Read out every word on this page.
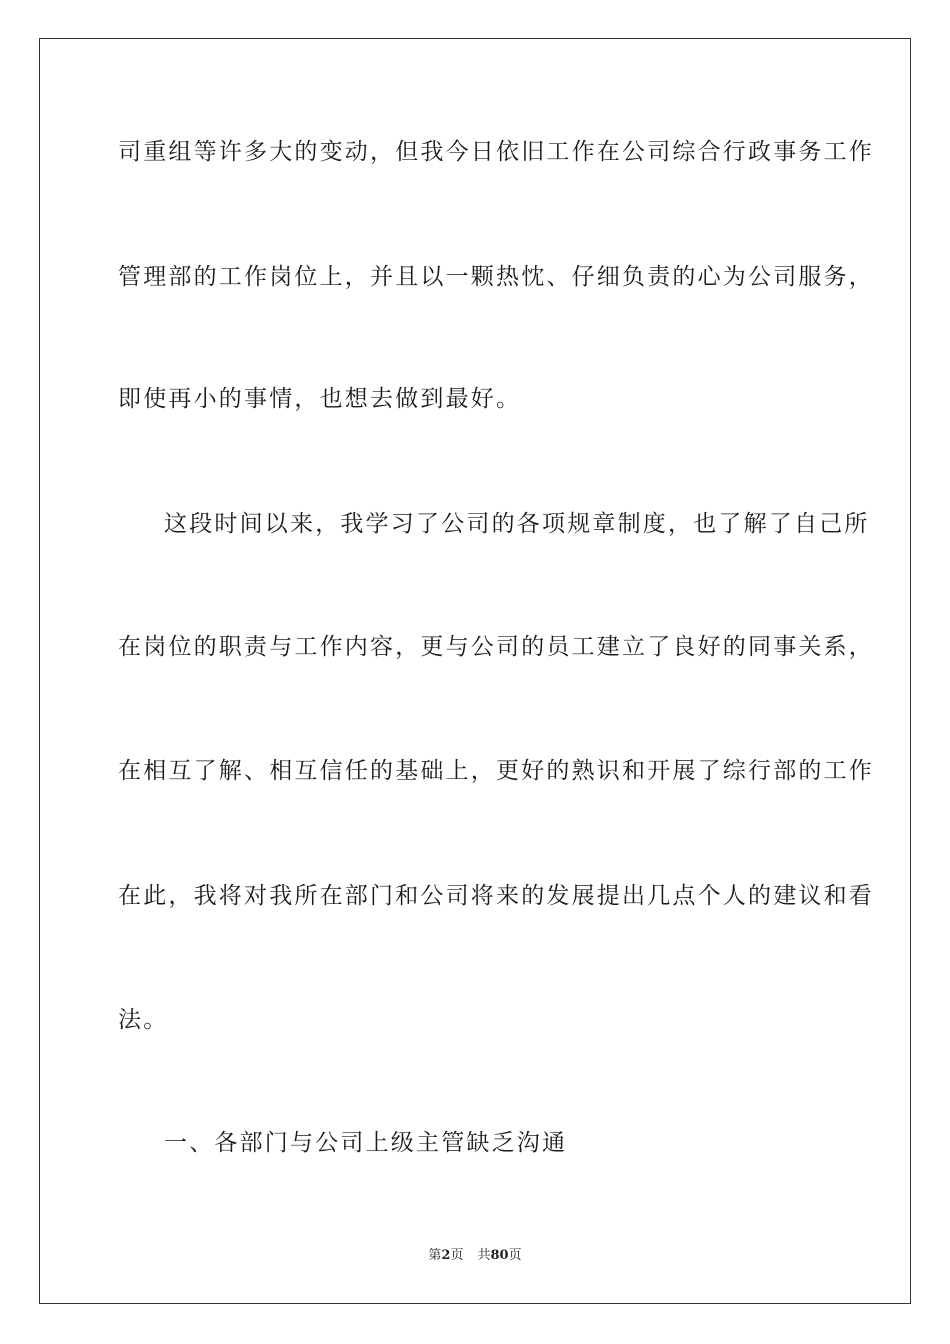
司重组等许多大的变动，但我今日依旧工作在公司综合行政事务工作
管理部的工作岗位上，并且以一颗热忱、仔细负责的心为公司服务，
即使再小的事情，也想去做到最好。
这段时间以来，我学习了公司的各项规章制度，也了解了自己所
在岗位的职责与工作内容，更与公司的员工建立了良好的同事关系，
在相互了解、相互信任的基础上，更好的熟识和开展了综行部的工作
在此，我将对我所在部门和公司将来的发展提出几点个人的建议和看
法。
一、各部门与公司上级主管缺乏沟通
第2页 共80页
